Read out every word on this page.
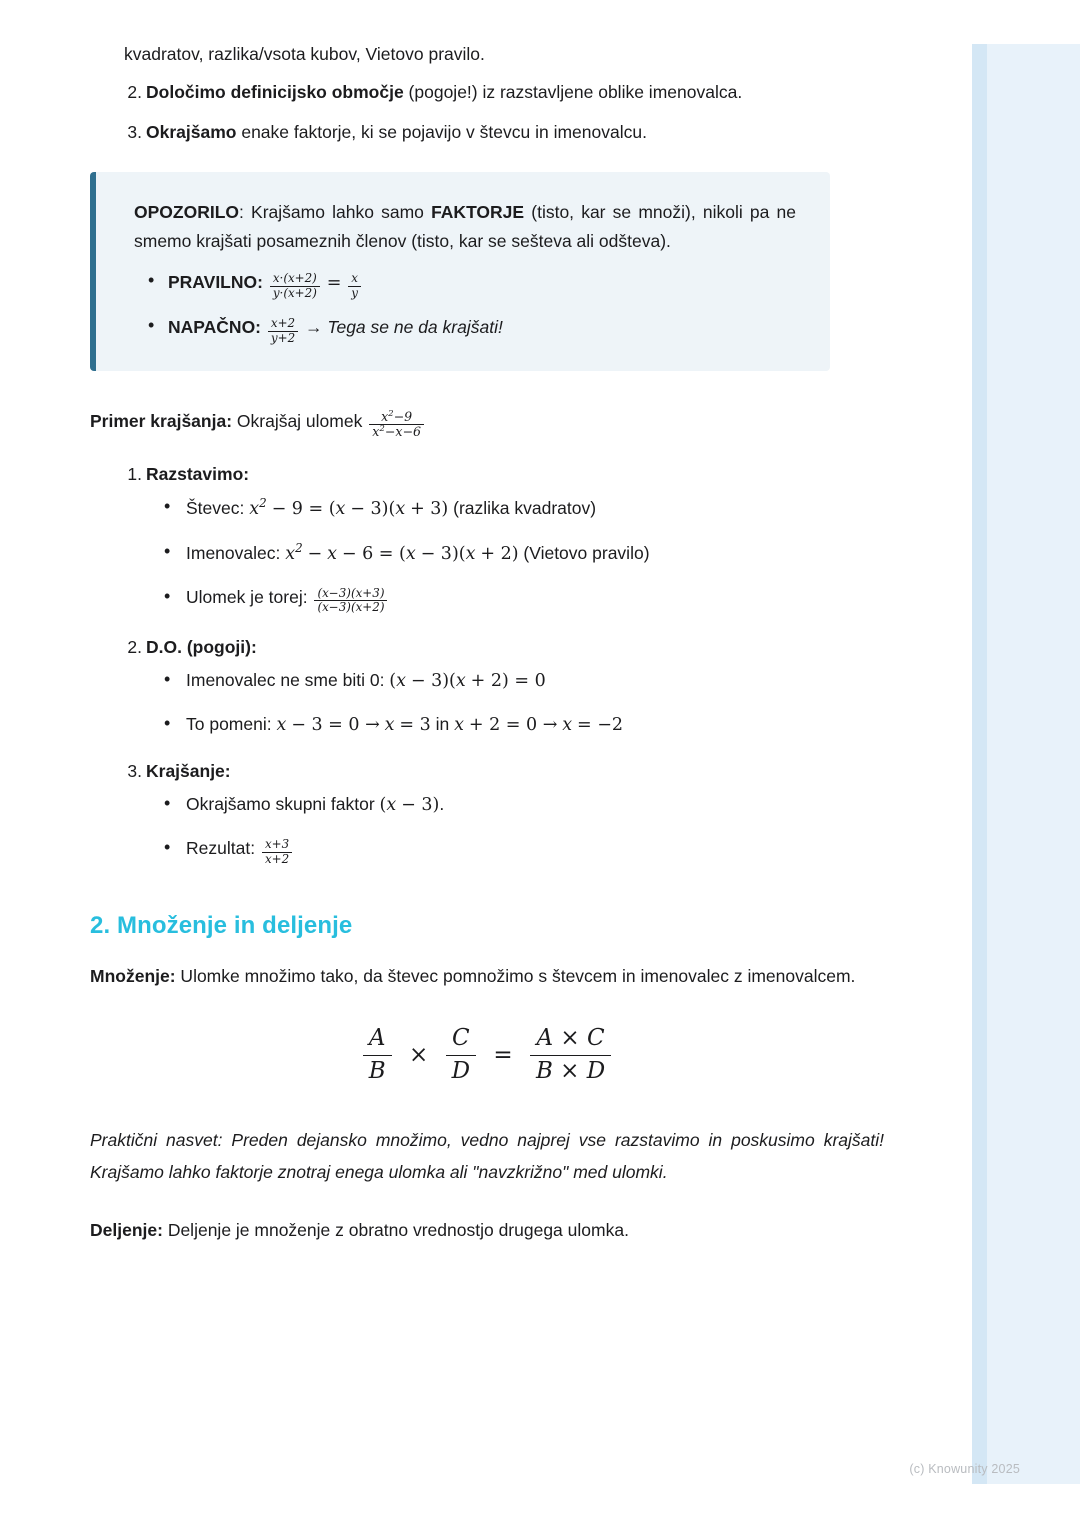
kvadratov, razlika/vsota kubov, Vietovo pravilo.
2. Določimo definicijsko območje (pogoje!) iz razstavljene oblike imenovalca.
3. Okrajšamo enake faktorje, ki se pojavijo v števcu in imenovalcu.

OPOZORILO: Krajšamo lahko samo FAKTORJE (tisto, kar se množi), nikoli pa ne smemo krajšati posameznih členov (tisto, kar se sešteva ali odšteva).

• PRAVILNO: $\frac{x\cdot(x+2)}{y\cdot(x+2)} = \frac{x}{y}$
• NAPAČNO: $\frac{x+2}{y+2}$ → Tega se ne da krajšati!
Primer krajšanja: Okrajšaj ulomek $\frac{x^2-9}{x^2-x-6}$
1. Razstavimo:
• Števec: $x^2 - 9 = (x - 3)(x + 3)$ (razlika kvadratov)
• Imenovalec: $x^2 - x - 6 = (x - 3)(x + 2)$ (Vietovo pravilo)
• Ulomek je torej: $\frac{(x-3)(x+3)}{(x-3)(x+2)}$
2. D.O. (pogoji):
• Imenovalec ne sme biti 0: (x − 3)(x + 2) = 0
• To pomeni: x − 3 = 0 → x = 3 in x + 2 = 0 → x = −2
3. Krajšanje:
• Okrajšamo skupni faktor (x − 3).
• Rezultat: $\frac{x+3}{x+2}$
2. Množenje in deljenje

Množenje: Ulomke množimo tako, da števec pomnožimo s števcem in imenovalec z imenovalcem.

$\frac{A}{B} \times \frac{C}{D} = \frac{A \times C}{B \times D}$

Praktični nasvet: Preden dejansko množimo, vedno najprej vse razstavimo in poskusimo krajšati! Krajšamo lahko faktorje znotraj enega ulomka ali "navzkrižno" med ulomki.

Deljenje: Deljenje je množenje z obratno vrednostjo drugega ulomka.

(c) Knowunity 2025
